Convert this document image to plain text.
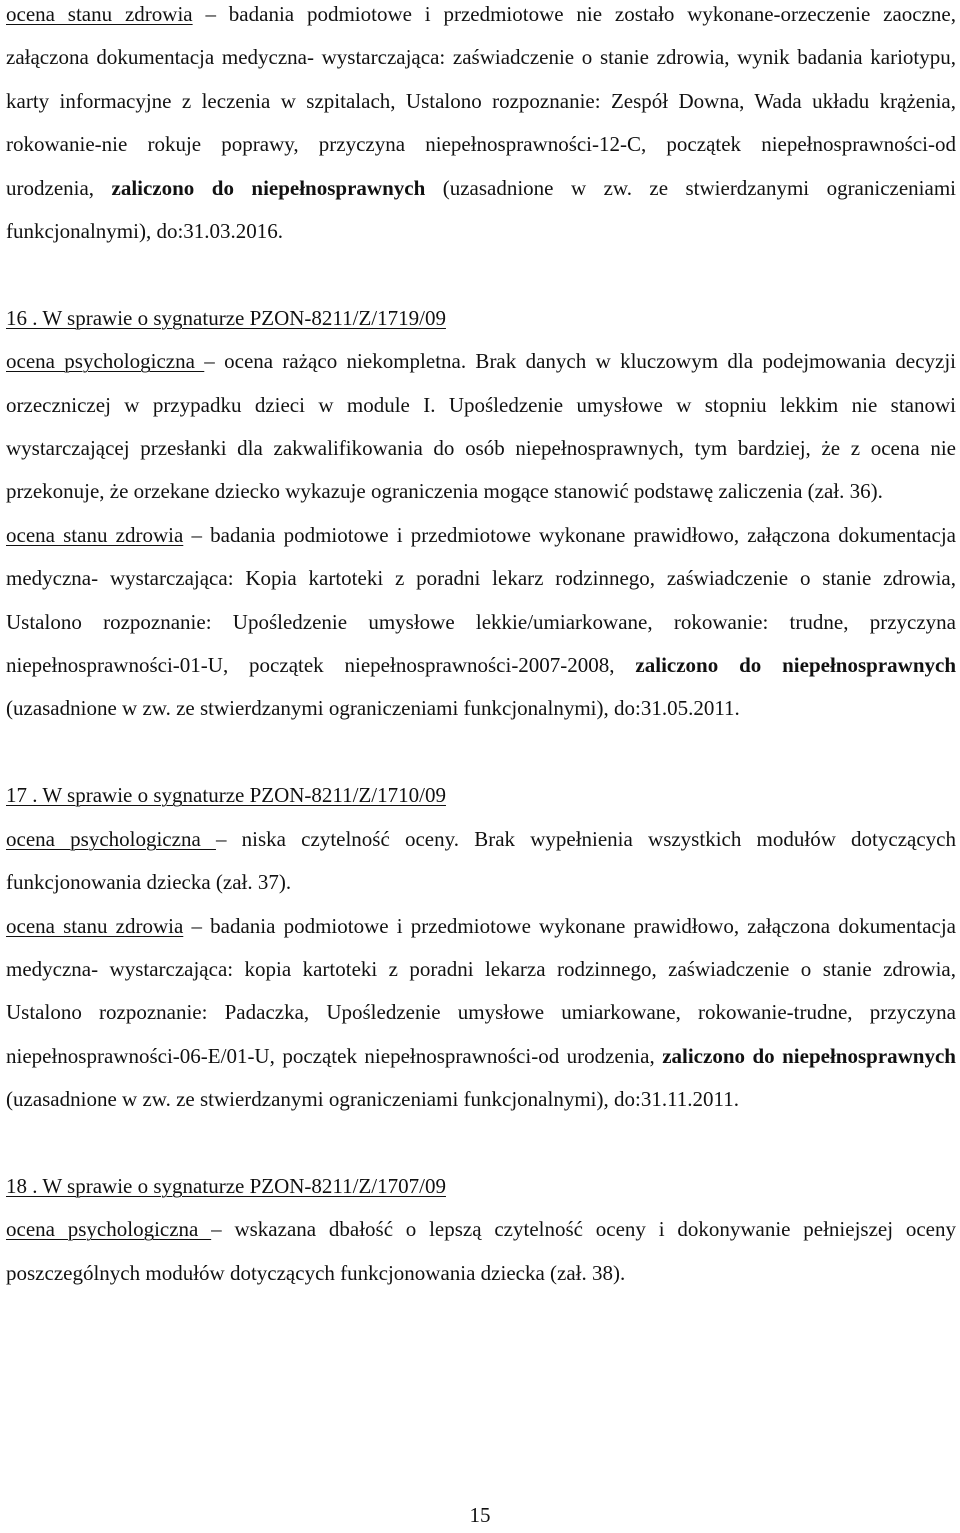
ocena stanu zdrowia – badania podmiotowe i przedmiotowe nie zostało wykonane-orzeczenie zaoczne, załączona dokumentacja medyczna- wystarczająca: zaświadczenie o stanie zdrowia, wynik badania kariotypu, karty informacyjne z leczenia w szpitalach, Ustalono rozpoznanie: Zespół Downa, Wada układu krążenia, rokowanie-nie rokuje poprawy, przyczyna niepełnosprawności-12-C, początek niepełnosprawności-od urodzenia, zaliczono do niepełnosprawnych (uzasadnione w zw. ze stwierdzanymi ograniczeniami funkcjonalnymi), do:31.03.2016.

16 . W sprawie o sygnaturze PZON-8211/Z/1719/09

ocena psychologiczna – ocena rażąco niekompletna. Brak danych w kluczowym dla podejmowania decyzji orzeczniczej w przypadku dzieci w module I. Upośledzenie umysłowe w stopniu lekkim nie stanowi wystarczającej przesłanki dla zakwalifikowania do osób niepełnosprawnych, tym bardziej, że z ocena nie przekonuje, że orzekane dziecko wykazuje ograniczenia mogące stanowić podstawę zaliczenia (zał. 36).

ocena stanu zdrowia – badania podmiotowe i przedmiotowe wykonane prawidłowo, załączona dokumentacja medyczna- wystarczająca: Kopia kartoteki z poradni lekarz rodzinnego, zaświadczenie o stanie zdrowia, Ustalono rozpoznanie: Upośledzenie umysłowe lekkie/umiarkowane, rokowanie: trudne, przyczyna niepełnosprawności-01-U, początek niepełnosprawności-2007-2008, zaliczono do niepełnosprawnych (uzasadnione w zw. ze stwierdzanymi ograniczeniami funkcjonalnymi), do:31.05.2011.

17 . W sprawie o sygnaturze PZON-8211/Z/1710/09

ocena psychologiczna – niska czytelność oceny. Brak wypełnienia wszystkich modułów dotyczących funkcjonowania dziecka (zał. 37).

ocena stanu zdrowia – badania podmiotowe i przedmiotowe wykonane prawidłowo, załączona dokumentacja medyczna- wystarczająca: kopia kartoteki z poradni lekarza rodzinnego, zaświadczenie o stanie zdrowia, Ustalono rozpoznanie: Padaczka, Upośledzenie umysłowe umiarkowane, rokowanie-trudne, przyczyna niepełnosprawności-06-E/01-U, początek niepełnosprawności-od urodzenia, zaliczono do niepełnosprawnych (uzasadnione w zw. ze stwierdzanymi ograniczeniami funkcjonalnymi), do:31.11.2011.

18 . W sprawie o sygnaturze PZON-8211/Z/1707/09

ocena psychologiczna – wskazana dbałość o lepszą czytelność oceny i dokonywanie pełniejszej oceny poszczególnych modułów dotyczących funkcjonowania dziecka (zał. 38).

15
